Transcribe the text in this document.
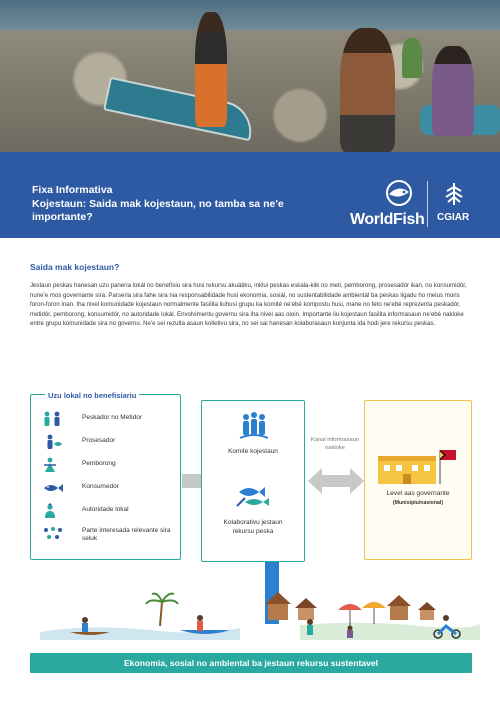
Fixa Informativa
Kojestaun: Saida mak kojestaun, no tamba sa ne'e importante?	WorldFish CGIAR
Saida mak kojestaun?
Jestaun peskas hanesan uzu paneria lokál no benefísiu sira husi rekursu akuátiku, inklui peskas eskala-kiik no meti, pemborong, prosesadór ikan, no konsumidór, nune'e mos governante sira. Parseria sira fahe sira nia responsabilidade husi ekonomia, sosiál, no sustentabilidade ambientál ba peskas ligadu ho meius moris foron-foron inan. Iha nivel komunidade kojestaun normalmente fasilita liuhusi grupu ka komité ne'ebé kompostu husi, mane no feto ne'ebé reprezenta peskadór, metidór, pemborong, konsumidór, no autoridade lokál. Envolvimentu governu sira iha nivel aas oioin. Importante liu kojestaun fasilita informasaun ne'ebé nakloke entre grupu komunidade sira no governu. Ne'e sei rezulta asaun kolletivu sira, no sei sai hanesan kolaborasaun konjunta ida hodi jere rekursu peskas.
Uzu lokal no benefisiariu
Peskador no Metidor
Prosesador
Pemborong
Konsumedor
Autoridade lokal
Parte interesada relevante sira seluk
Komite kojestaun
Kolaborativu jestaun rekursu peska
Kanal informasaun nakloke
Level aas governante
(Munisipiu/nasional)
Ekonomia, sosial no ambiental ba jestaun rekursu sustentavel
